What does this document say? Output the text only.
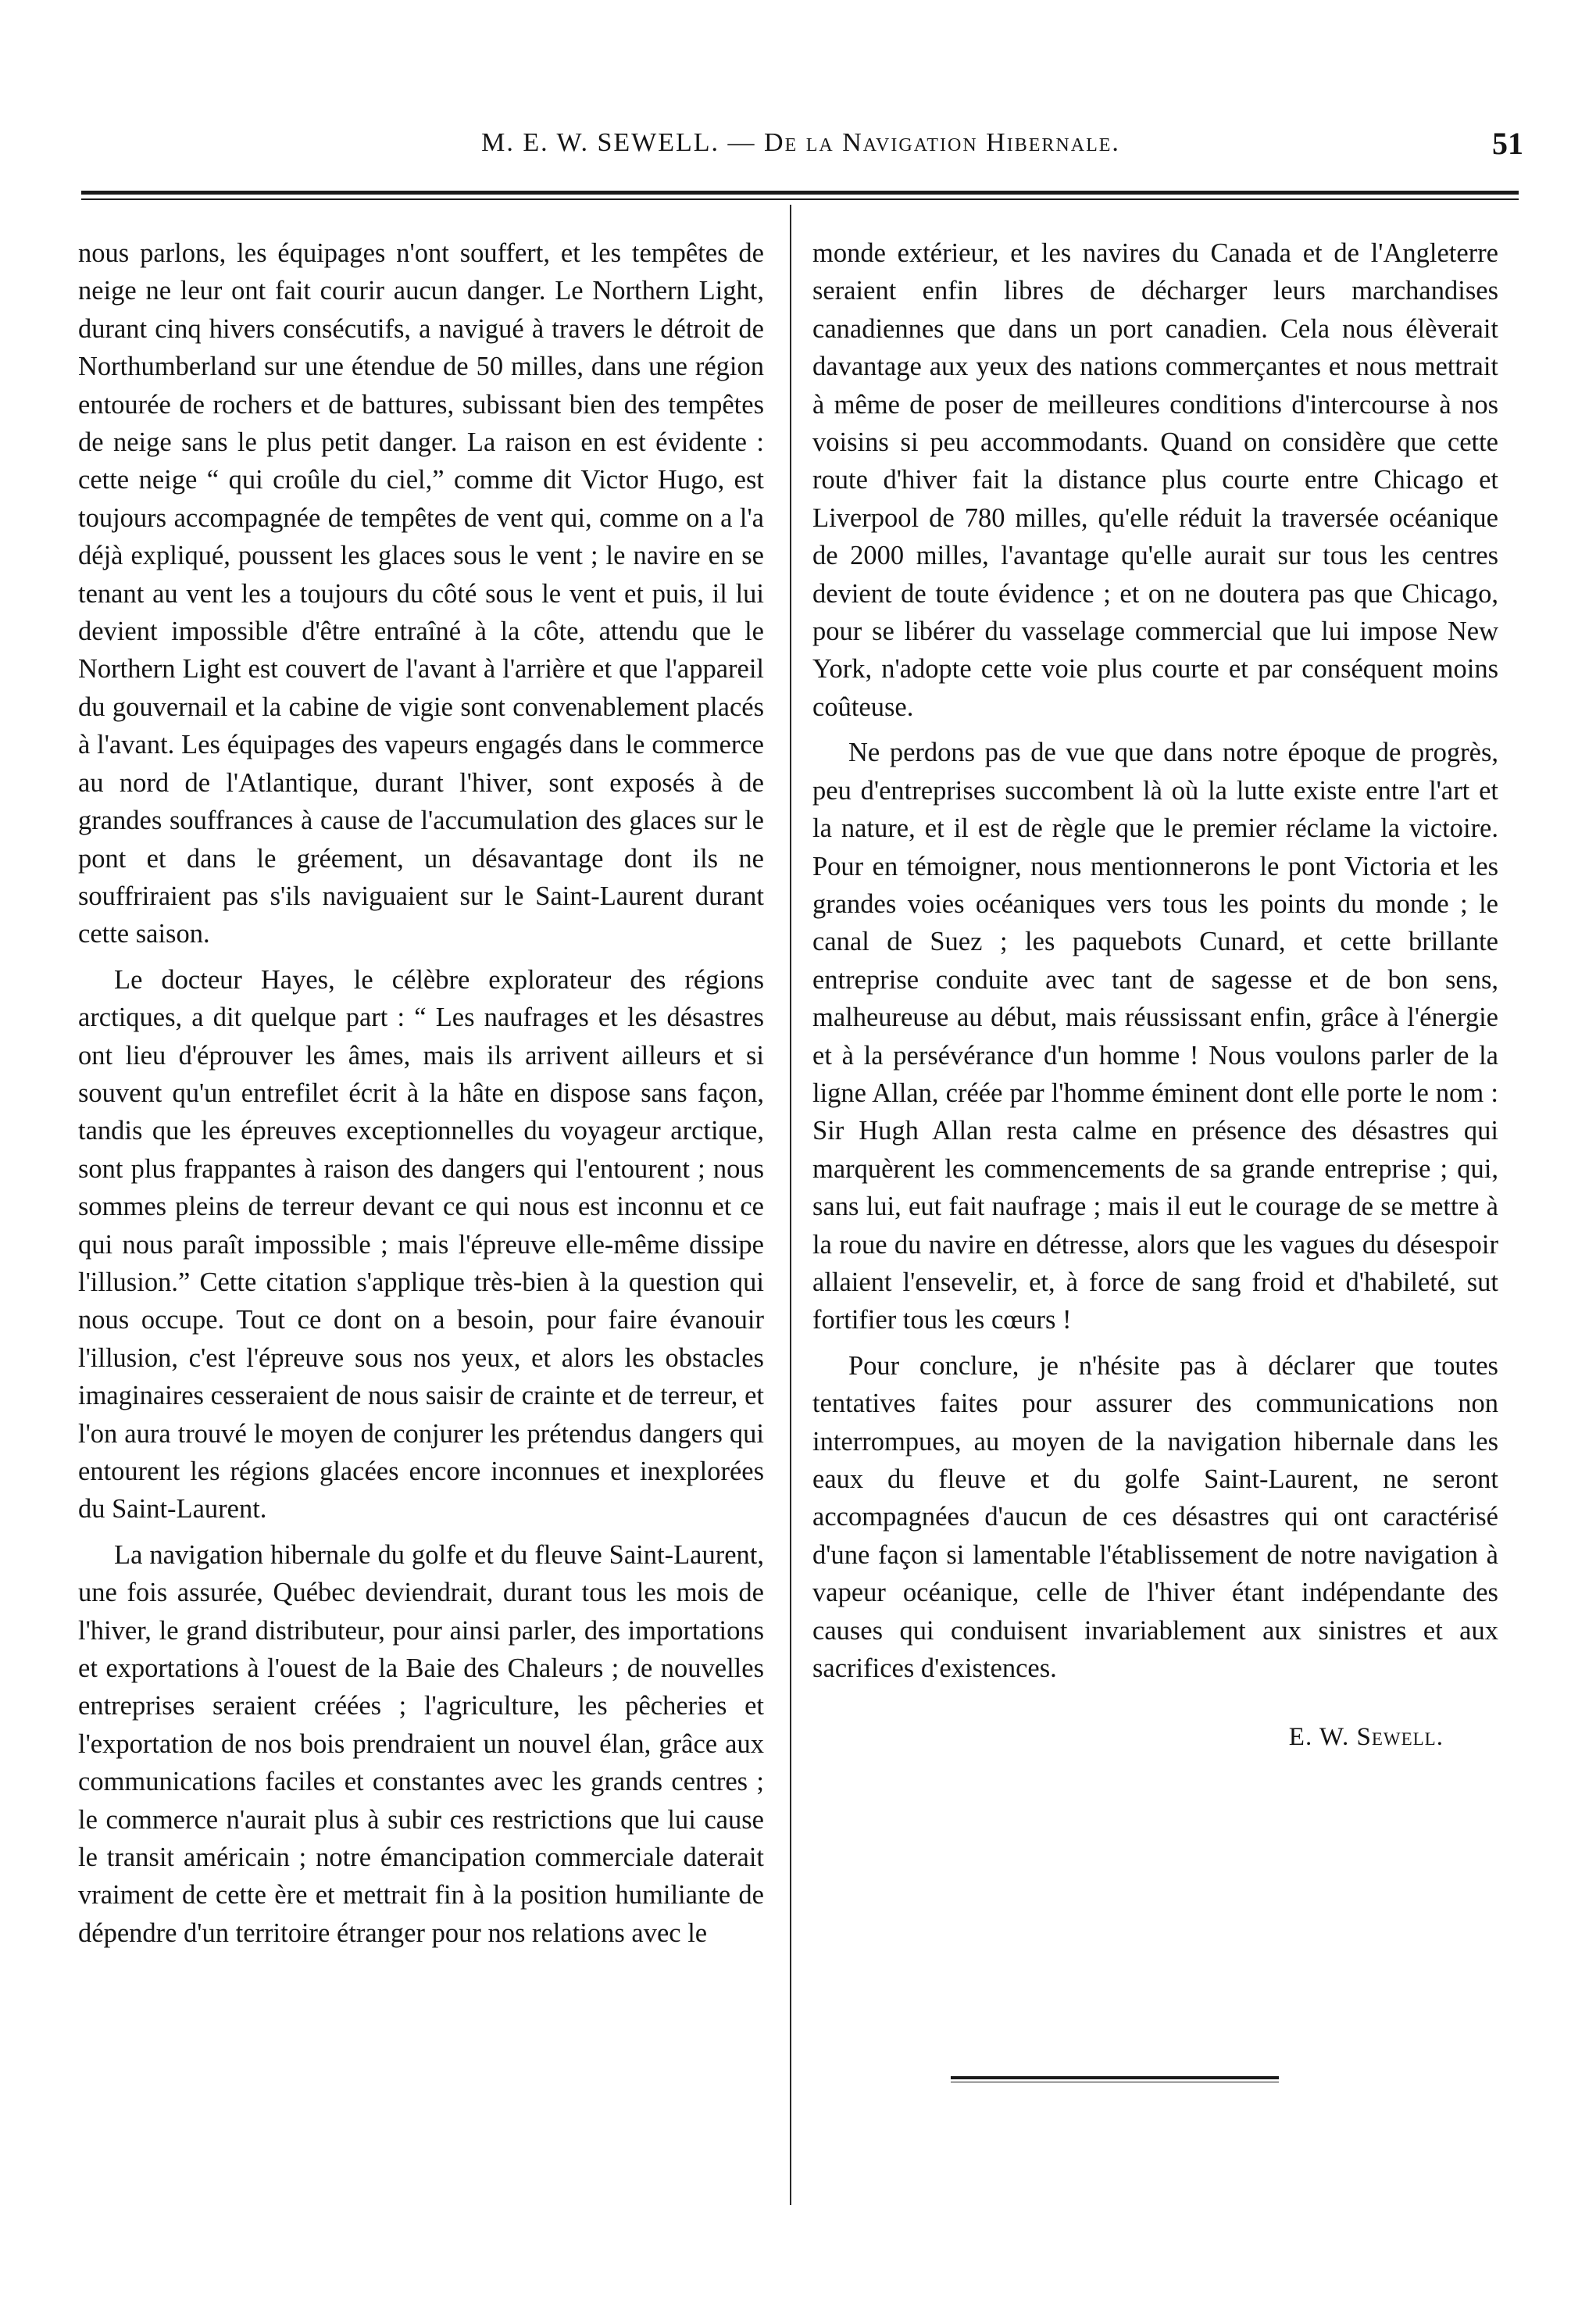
M. E. W. SEWELL. — De la Navigation Hibernale.	51

nous parlons, les équipages n'ont souffert, et les tempêtes de neige ne leur ont fait courir aucun danger. Le Northern Light, durant cinq hivers consécutifs, a navigué à travers le détroit de Northumberland sur une étendue de 50 milles, dans une région entourée de rochers et de battures, subissant bien des tempêtes de neige sans le plus petit danger. La raison en est évidente : cette neige “ qui croûle du ciel,” comme dit Victor Hugo, est toujours accompagnée de tempêtes de vent qui, comme on a l'a déjà expliqué, poussent les glaces sous le vent ; le navire en se tenant au vent les a toujours du côté sous le vent et puis, il lui devient impossible d'être entraîné à la côte, attendu que le Northern Light est couvert de l'avant à l'arrière et que l'appareil du gouvernail et la cabine de vigie sont convenablement placés à l'avant. Les équipages des vapeurs engagés dans le commerce au nord de l'Atlantique, durant l'hiver, sont exposés à de grandes souffrances à cause de l'accumulation des glaces sur le pont et dans le gréement, un désavantage dont ils ne souffriraient pas s'ils naviguaient sur le Saint-Laurent durant cette saison.

Le docteur Hayes, le célèbre explorateur des régions arctiques, a dit quelque part : “ Les naufrages et les désastres ont lieu d'éprouver les âmes, mais ils arrivent ailleurs et si souvent qu'un entrefilet écrit à la hâte en dispose sans façon, tandis que les épreuves exceptionnelles du voyageur arctique, sont plus frappantes à raison des dangers qui l'entourent ; nous sommes pleins de terreur devant ce qui nous est inconnu et ce qui nous paraît impossible ; mais l'épreuve elle-même dissipe l'illusion.” Cette citation s'applique très-bien à la question qui nous occupe. Tout ce dont on a besoin, pour faire évanouir l'illusion, c'est l'épreuve sous nos yeux, et alors les obstacles imaginaires cesseraient de nous saisir de crainte et de terreur, et l'on aura trouvé le moyen de conjurer les prétendus dangers qui entourent les régions glacées encore inconnues et inexplorées du Saint-Laurent.

La navigation hibernale du golfe et du fleuve Saint-Laurent, une fois assurée, Québec deviendrait, durant tous les mois de l'hiver, le grand distributeur, pour ainsi parler, des importations et exportations à l'ouest de la Baie des Chaleurs ; de nouvelles entreprises seraient créées ; l'agriculture, les pêcheries et l'exportation de nos bois prendraient un nouvel élan, grâce aux communications faciles et constantes avec les grands centres ; le commerce n'aurait plus à subir ces restrictions que lui cause le transit américain ; notre émancipation commerciale daterait vraiment de cette ère et mettrait fin à la position humiliante de dépendre d'un territoire étranger pour nos relations avec le

monde extérieur, et les navires du Canada et de l'Angleterre seraient enfin libres de décharger leurs marchandises canadiennes que dans un port canadien. Cela nous élèverait davantage aux yeux des nations commerçantes et nous mettrait à même de poser de meilleures conditions d'intercourse à nos voisins si peu accommodants. Quand on considère que cette route d'hiver fait la distance plus courte entre Chicago et Liverpool de 780 milles, qu'elle réduit la traversée océanique de 2000 milles, l'avantage qu'elle aurait sur tous les centres devient de toute évidence ; et on ne doutera pas que Chicago, pour se libérer du vasselage commercial que lui impose New York, n'adopte cette voie plus courte et par conséquent moins coûteuse.

Ne perdons pas de vue que dans notre époque de progrès, peu d'entreprises succombent là où la lutte existe entre l'art et la nature, et il est de règle que le premier réclame la victoire. Pour en témoigner, nous mentionnerons le pont Victoria et les grandes voies océaniques vers tous les points du monde ; le canal de Suez ; les paquebots Cunard, et cette brillante entreprise conduite avec tant de sagesse et de bon sens, malheureuse au début, mais réussissant enfin, grâce à l'énergie et à la persévérance d'un homme ! Nous voulons parler de la ligne Allan, créée par l'homme éminent dont elle porte le nom : Sir Hugh Allan resta calme en présence des désastres qui marquèrent les commencements de sa grande entreprise ; qui, sans lui, eut fait naufrage ; mais il eut le courage de se mettre à la roue du navire en détresse, alors que les vagues du désespoir allaient l'ensevelir, et, à force de sang froid et d'habileté, sut fortifier tous les cœurs !

Pour conclure, je n'hésite pas à déclarer que toutes tentatives faites pour assurer des communications non interrompues, au moyen de la navigation hibernale dans les eaux du fleuve et du golfe Saint-Laurent, ne seront accompagnées d'aucun de ces désastres qui ont caractérisé d'une façon si lamentable l'établissement de notre navigation à vapeur océanique, celle de l'hiver étant indépendante des causes qui conduisent invariablement aux sinistres et aux sacrifices d'existences.

E. W. Sewell.
